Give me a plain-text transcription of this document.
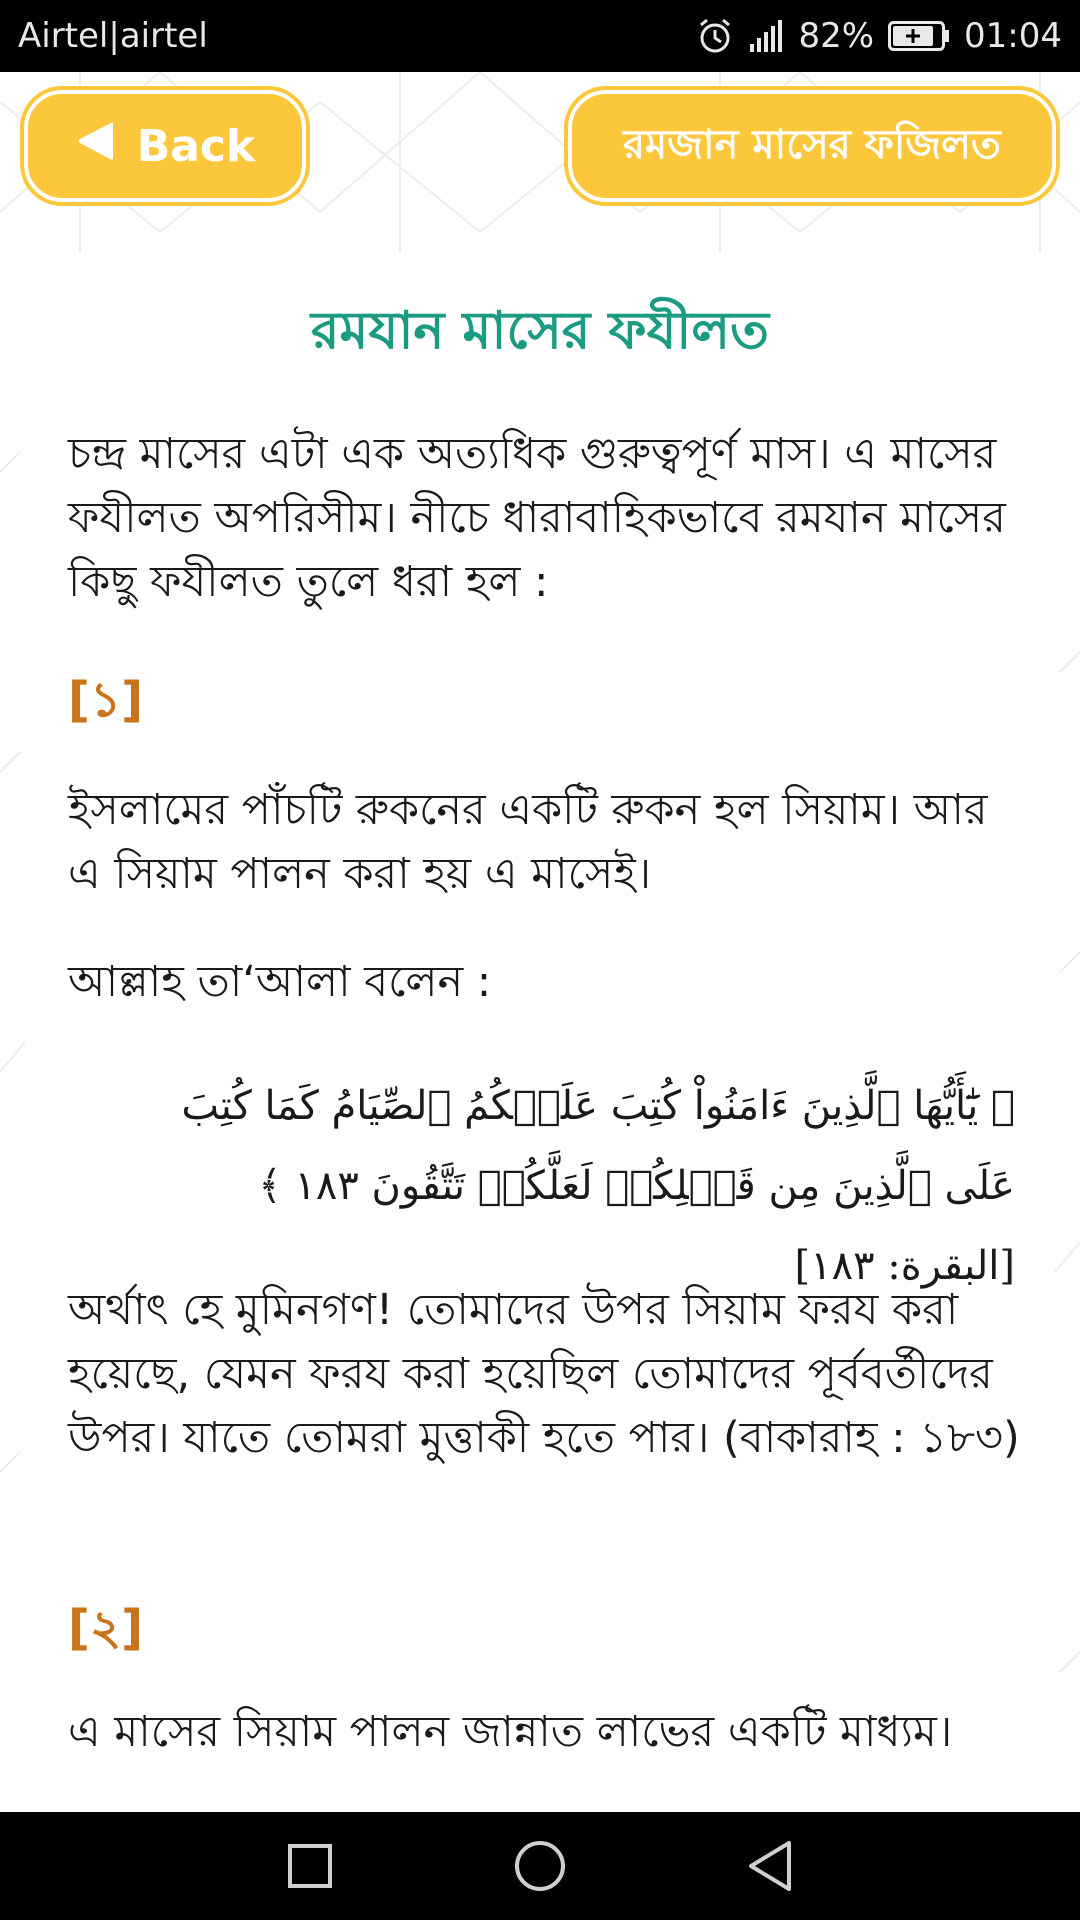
Airtel|airtel	82%	01:04
Back	রমজান মাসের ফজিলত
রমযান মাসের ফযীলত
চন্দ্র মাসের এটা এক অত্যধিক গুরুত্বপূর্ণ মাস। এ মাসের ফযীলত অপরিসীম। নীচে ধারাবাহিকভাবে রমযান মাসের কিছু ফযীলত তুলে ধরা হল :
[১]
ইসলামের পাঁচটি রুকনের একটি রুকন হল সিয়াম। আর এ সিয়াম পালন করা হয় এ মাসেই।
আল্লাহ তা‘আলা বলেন :
﴿ يَٰٓأَيُّهَا ٱلَّذِينَ ءَامَنُواْ كُتِبَ عَلَيۡكُمُ ٱلصِّيَامُ كَمَا كُتِبَ عَلَى ٱلَّذِينَ مِن قَبۡلِكُمۡ لَعَلَّكُمۡ تَتَّقُونَ ١٨٣ ﴾ [البقرة: ١٨٣]
অর্থাৎ হে মুমিনগণ! তোমাদের উপর সিয়াম ফরয করা হয়েছে, যেমন ফরয করা হয়েছিল তোমাদের পূর্ববর্তীদের উপর। যাতে তোমরা মুত্তাকী হতে পার। (বাকারাহ : ১৮৩)
[২]
এ মাসের সিয়াম পালন জান্নাত লাভের একটি মাধ্যম।
